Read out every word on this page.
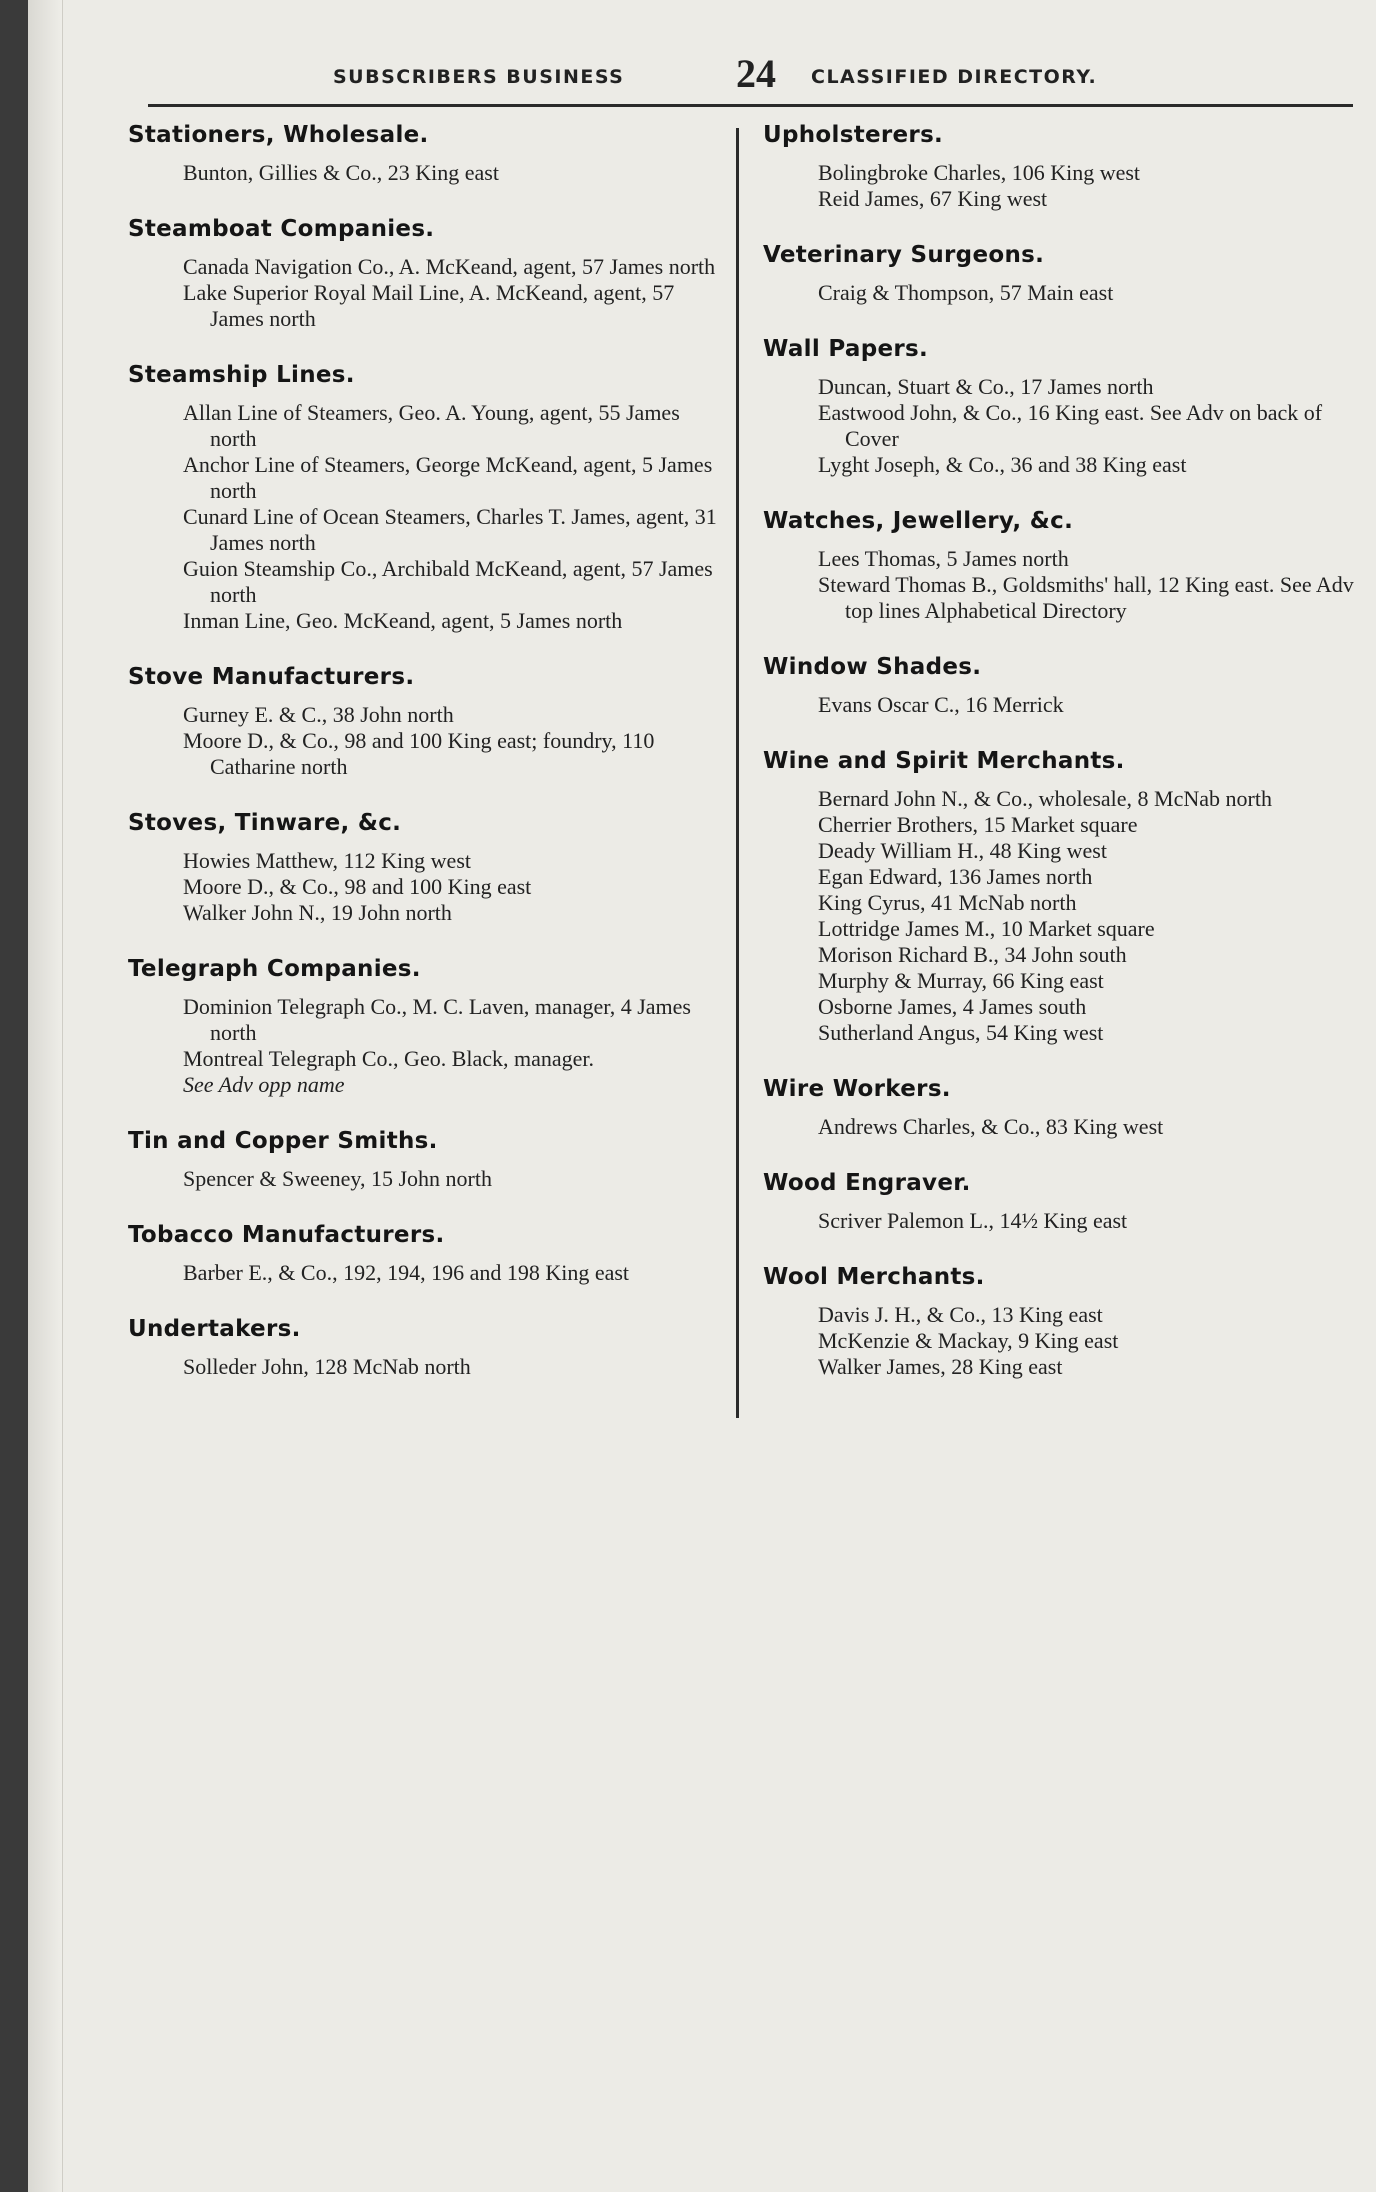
SUBSCRIBERS BUSINESS	24 CLASSIFIED DIRECTORY.
Stationers, Wholesale.
Bunton, Gillies & Co., 23 King east
Steamboat Companies.
Canada Navigation Co., A. McKeand, agent, 57 James north
Lake Superior Royal Mail Line, A. McKeand, agent, 57 James north
Steamship Lines.
Allan Line of Steamers, Geo. A. Young, agent, 55 James north
Anchor Line of Steamers, George McKeand, agent, 5 James north
Cunard Line of Ocean Steamers, Charles T. James, agent, 31 James north
Guion Steamship Co., Archibald McKeand, agent, 57 James north
Inman Line, Geo. McKeand, agent, 5 James north
Stove Manufacturers.
Gurney E. & C., 38 John north
Moore D., & Co., 98 and 100 King east; foundry, 110 Catharine north
Stoves, Tinware, &c.
Howies Matthew, 112 King west
Moore D., & Co., 98 and 100 King east
Walker John N., 19 John north
Telegraph Companies.
Dominion Telegraph Co., M. C. Laven, manager, 4 James north
Montreal Telegraph Co., Geo. Black, manager.
See Adv opp name
Tin and Copper Smiths.
Spencer & Sweeney, 15 John north
Tobacco Manufacturers.
Barber E., & Co., 192, 194, 196 and 198 King east
Undertakers.
Solleder John, 128 McNab north
Upholsterers.
Bolingbroke Charles, 106 King west
Reid James, 67 King west
Veterinary Surgeons.
Craig & Thompson, 57 Main east
Wall Papers.
Duncan, Stuart & Co., 17 James north
Eastwood John, & Co., 16 King east. See Adv on back of Cover
Lyght Joseph, & Co., 36 and 38 King east
Watches, Jewellery, &c.
Lees Thomas, 5 James north
Steward Thomas B., Goldsmiths' hall, 12 King east. See Adv top lines Alphabetical Directory
Window Shades.
Evans Oscar C., 16 Merrick
Wine and Spirit Merchants.
Bernard John N., & Co., wholesale, 8 McNab north
Cherrier Brothers, 15 Market square
Deady William H., 48 King west
Egan Edward, 136 James north
King Cyrus, 41 McNab north
Lottridge James M., 10 Market square
Morison Richard B., 34 John south
Murphy & Murray, 66 King east
Osborne James, 4 James south
Sutherland Angus, 54 King west
Wire Workers.
Andrews Charles, & Co., 83 King west
Wood Engraver.
Scriver Palemon L., 14½ King east
Wool Merchants.
Davis J. H., & Co., 13 King east
McKenzie & Mackay, 9 King east
Walker James, 28 King east
